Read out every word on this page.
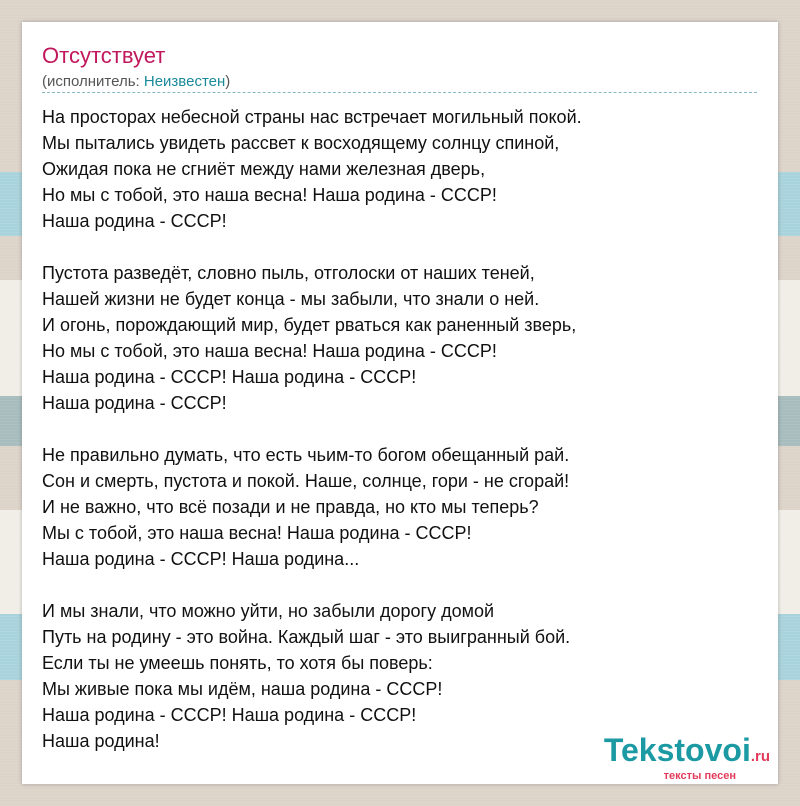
Отсутствует
(исполнитель: Неизвестен)
На просторах небесной страны нас встречает могильный покой.
Мы пытались увидеть рассвет к восходящему солнцу спиной,
Ожидая пока не сгниёт между нами железная дверь,
Но мы с тобой, это наша весна! Наша родина - СССР!
Наша родина - СССР!

Пустота разведёт, словно пыль, отголоски от наших теней,
Нашей жизни не будет конца - мы забыли, что знали о ней.
И огонь, порождающий мир, будет рваться как раненный зверь,
Но мы с тобой, это наша весна! Наша родина - СССР!
Наша родина - СССР! Наша родина - СССР!
Наша родина - СССР!

Не правильно думать, что есть чьим-то богом обещанный рай.
Сон и смерть, пустота и покой. Наше, солнце, гори - не сгорай!
И не важно, что всё позади и не правда, но кто мы теперь?
Мы с тобой, это наша весна! Наша родина - СССР!
Наша родина - СССР! Наша родина...

И мы знали, что можно уйти, но забыли дорогу домой
Путь на родину - это война. Каждый шаг - это выигранный бой.
Если ты не умеешь понять, то хотя бы поверь:
Мы живые пока мы идём, наша родина - СССР!
Наша родина - СССР! Наша родина - СССР!
Наша родина!	Tekstovoi.ru
тексты песен
